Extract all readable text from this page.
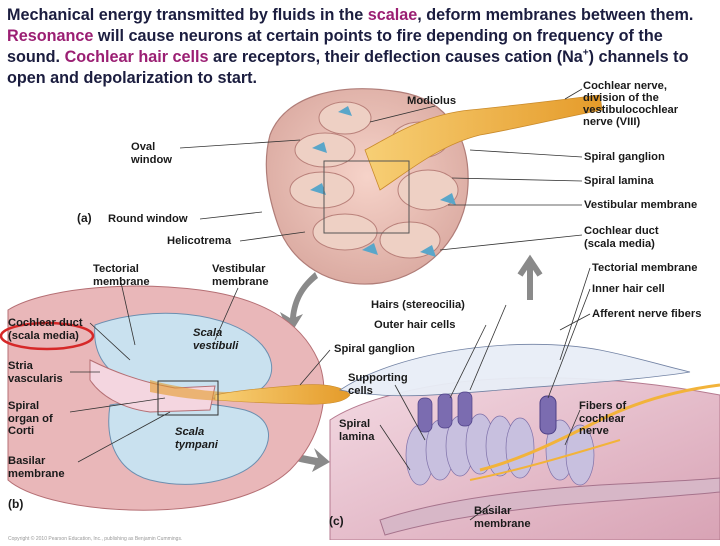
Mechanical energy transmitted by fluids in the scalae, deform membranes between them. Resonance will cause neurons at certain points to fire depending on frequency of the sound. Cochlear hair cells are receptors, their deflection causes cation (Na+) channels to open and depolarization to start.
Modiolus
Cochlear nerve,
division of the
vestibulocochlear
nerve (VIII)
Oval
window	Spiral ganglion
Spiral lamina
Vestibular membrane
(a) Round window
Cochlear duct
(scala media)
Helicotrema
Tectorial
membrane
Vestibular
membrane
Tectorial membrane
Inner hair cell
Hairs (stereocilia)
Afferent nerve fibers
Outer hair cells
Cochlear duct
(scala media)	Scala
vestibuli	Spiral ganglion
Stria
vascularis	Supporting
cells
Spiral
organ of
Corti
Fibers of
cochlear
nerve
Spiral
lamina
Scala
tympani
Basilar
membrane
(b)	Basilar
membrane
(c)
Copyright © 2010 Pearson Education, Inc., publishing as Benjamin Cummings.
